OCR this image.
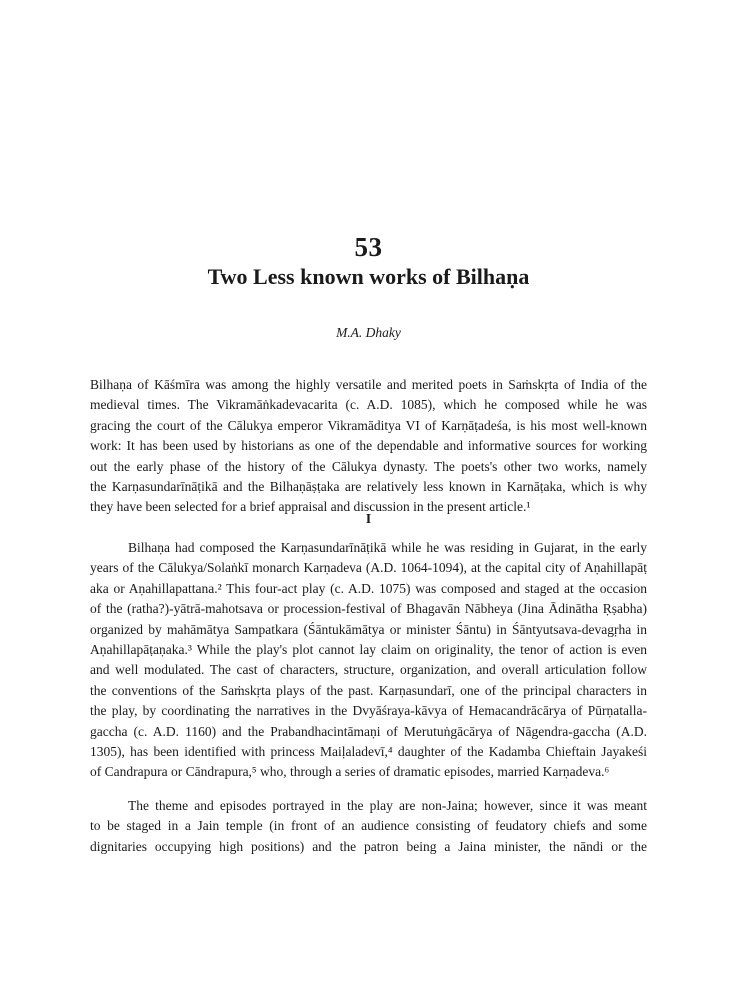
53
Two Less known works of Bilhaṇa
M.A. Dhaky
Bilhaṇa of Kāśmīra was among the highly versatile and merited poets in Saṁskṛta of India of the
medieval times. The Vikramāṅkadevacarita (c. A.D. 1085), which he composed while he was
gracing the court of the Cālukya emperor Vikramāditya VI of Karṇāṭadeśa, is his most well-known
work: It has been used by historians as one of the dependable and informative sources for working
out the early phase of the history of the Cālukya dynasty. The poets's other two works, namely
the Karṇasundarīnāṭikā and the Bilhaṇāṣṭaka are relatively less known in Karnāṭaka, which is why
they have been selected for a brief appraisal and discussion in the present article.¹
I
Bilhaṇa had composed the Karṇasundarīnāṭikā while he was residing in Gujarat, in the early
years of the Cālukya/Solaṅkī monarch Karṇadeva (A.D. 1064-1094), at the capital city of Aṇahillapāṭ
aka or Aṇahillapattana.² This four-act play (c. A.D. 1075) was composed and staged at the occasion
of the (ratha?)-yātrā-mahotsava or procession-festival of Bhagavān Nābheya (Jina Ādinātha Ṛṣabha)
organized by mahāmātya Sampatkara (Śāntukāmātya or minister Śāntu) in Śāntyutsava-devagṛha in
Aṇahillapāṭaṇaka.³ While the play's plot cannot lay claim on originality, the tenor of action is even
and well modulated. The cast of characters, structure, organization, and overall articulation follow
the conventions of the Saṁskṛta plays of the past. Karṇasundarī, one of the principal characters in
the play, by coordinating the narratives in the Dvyāśraya-kāvya of Hemacandrācārya of Pūrṇatalla-
gaccha (c. A.D. 1160) and the Prabandhacintāmaṇi of Merutuṅgācārya of Nāgendra-gaccha (A.D.
1305), has been identified with princess Maiḷaladevī,⁴ daughter of the Kadamba Chieftain Jayakeśi
of Candrapura or Cāndrapura,⁵ who, through a series of dramatic episodes, married Karṇadeva.⁶
The theme and episodes portrayed in the play are non-Jaina; however, since it was meant
to be staged in a Jain temple (in front of an audience consisting of feudatory chiefs and some
dignitaries occupying high positions) and the patron being a Jaina minister, the nāndi or the
